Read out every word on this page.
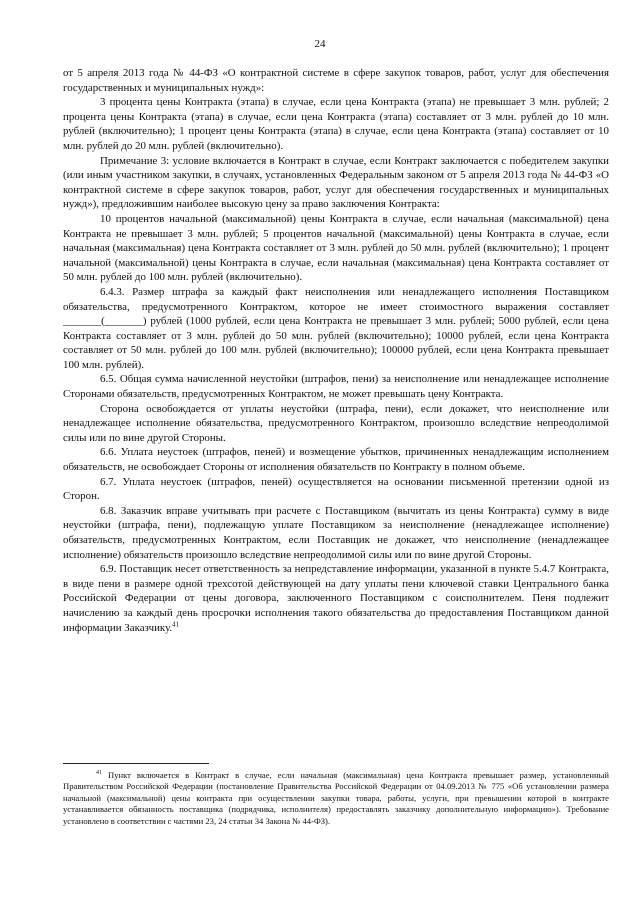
24

от 5 апреля 2013 года № 44-ФЗ «О контрактной системе в сфере закупок товаров, работ, услуг для обеспечения государственных и муниципальных нужд»:

3 процента цены Контракта (этапа) в случае, если цена Контракта (этапа) не превышает 3 млн. рублей; 2 процента цены Контракта (этапа) в случае, если цена Контракта (этапа) составляет от 3 млн. рублей до 10 млн. рублей (включительно); 1 процент цены Контракта (этапа) в случае, если цена Контракта (этапа) составляет от 10 млн. рублей до 20 млн. рублей (включительно).

Примечание 3: условие включается в Контракт в случае, если Контракт заключается с победителем закупки (или иным участником закупки, в случаях, установленных Федеральным законом от 5 апреля 2013 года № 44-ФЗ «О контрактной системе в сфере закупок товаров, работ, услуг для обеспечения государственных и муниципальных нужд»), предложившим наиболее высокую цену за право заключения Контракта:

10 процентов начальной (максимальной) цены Контракта в случае, если начальная (максимальной) цена Контракта не превышает 3 млн. рублей; 5 процентов начальной (максимальной) цены Контракта в случае, если начальная (максимальная) цена Контракта составляет от 3 млн. рублей до 50 млн. рублей (включительно); 1 процент начальной (максимальной) цены Контракта в случае, если начальная (максимальная) цена Контракта составляет от 50 млн. рублей до 100 млн. рублей (включительно).

6.4.3. Размер штрафа за каждый факт неисполнения или ненадлежащего исполнения Поставщиком обязательства, предусмотренного Контрактом, которое не имеет стоимостного выражения составляет _______(_______) рублей (1000 рублей, если цена Контракта не превышает 3 млн. рублей; 5000 рублей, если цена Контракта составляет от 3 млн. рублей до 50 млн. рублей (включительно); 10000 рублей, если цена Контракта составляет от 50 млн. рублей до 100 млн. рублей (включительно); 100000 рублей, если цена Контракта превышает 100 млн. рублей).

6.5. Общая сумма начисленной неустойки (штрафов, пени) за неисполнение или ненадлежащее исполнение Сторонами обязательств, предусмотренных Контрактом, не может превышать цену Контракта.

Сторона освобождается от уплаты неустойки (штрафа, пени), если докажет, что неисполнение или ненадлежащее исполнение обязательства, предусмотренного Контрактом, произошло вследствие непреодолимой силы или по вине другой Стороны.

6.6. Уплата неустоек (штрафов, пеней) и возмещение убытков, причиненных ненадлежащим исполнением обязательств, не освобождает Стороны от исполнения обязательств по Контракту в полном объеме.

6.7. Уплата неустоек (штрафов, пеней) осуществляется на основании письменной претензии одной из Сторон.

6.8. Заказчик вправе учитывать при расчете с Поставщиком (вычитать из цены Контракта) сумму в виде неустойки (штрафа, пени), подлежащую уплате Поставщиком за неисполнение (ненадлежащее исполнение) обязательств, предусмотренных Контрактом, если Поставщик не докажет, что неисполнение (ненадлежащее исполнение) обязательств произошло вследствие непреодолимой силы или по вине другой Стороны.

6.9. Поставщик несет ответственность за непредставление информации, указанной в пункте 5.4.7 Контракта, в виде пени в размере одной трехсотой действующей на дату уплаты пени ключевой ставки Центрального банка Российской Федерации от цены договора, заключенного Поставщиком с соисполнителем. Пеня подлежит начислению за каждый день просрочки исполнения такого обязательства до предоставления Поставщиком данной информации Заказчику.$^{41}$

$^{41}$ Пункт включается в Контракт в случае, если начальная (максимальная) цена Контракта превышает размер, установленный Правительством Российской Федерации (постановление Правительства Российской Федерации от 04.09.2013 № 775 «Об установлении размера начальной (максимальной) цены контракта при осуществлении закупки товара, работы, услуги, при превышении которой в контракте устанавливается обязанность поставщика (подрядчика, исполнителя) предоставлять заказчику дополнительную информацию»). Требование установлено в соответствии с частями 23, 24 статьи 34 Закона № 44-ФЗ).
